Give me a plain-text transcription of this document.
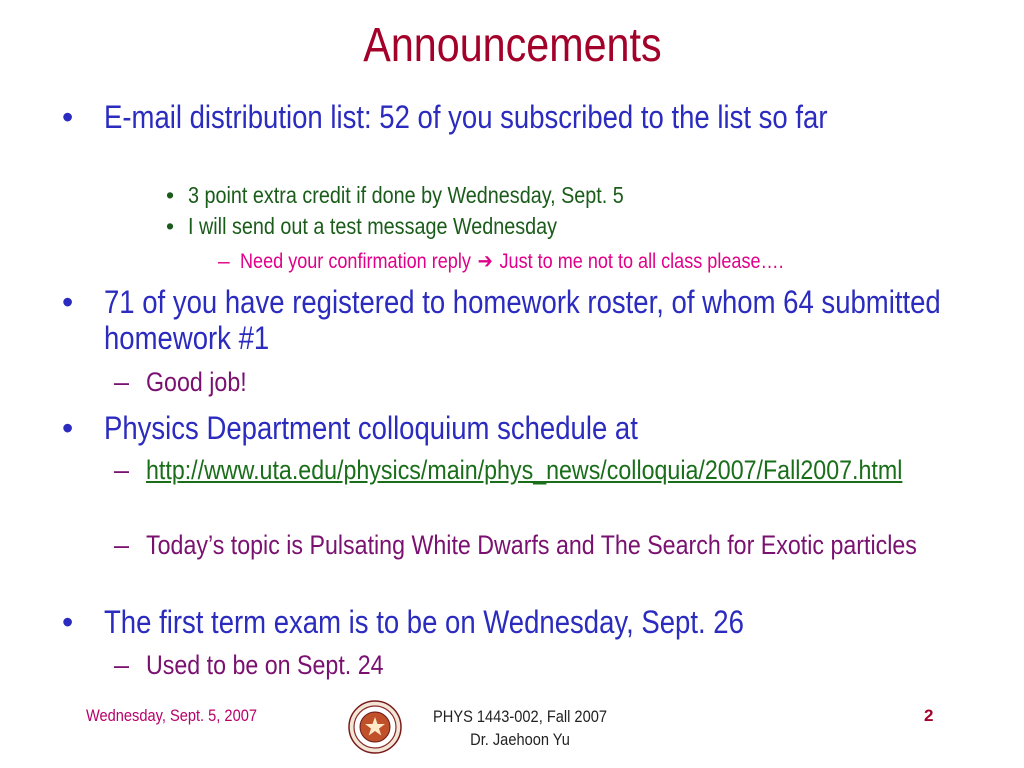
Announcements
• E-mail distribution list: 52 of you subscribed to the list so far
• 3 point extra credit if done by Wednesday, Sept. 5
• I will send out a test message Wednesday
– Need your confirmation reply ➔ Just to me not to all class please….
• 71 of you have registered to homework roster, of whom 64 submitted homework #1
– Good job!
• Physics Department colloquium schedule at
– http://www.uta.edu/physics/main/phys_news/colloquia/2007/Fall2007.html
– Today’s topic is Pulsating White Dwarfs and The Search for Exotic particles
• The first term exam is to be on Wednesday, Sept. 26
– Used to be on Sept. 24
Wednesday, Sept. 5, 2007	PHYS 1443-002, Fall 2007
Dr. Jaehoon Yu
2
